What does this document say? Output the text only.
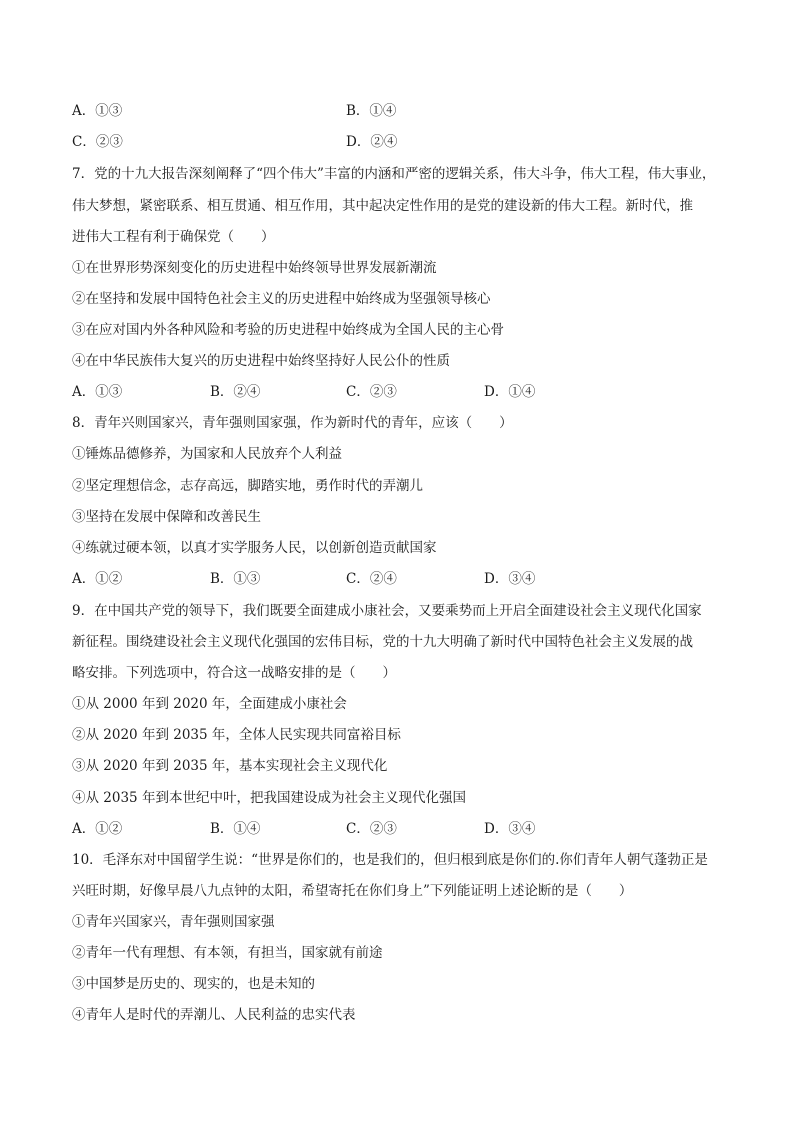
A．①③	B．①④
C．②③	D．②④
7．党的十九大报告深刻阐释了“四个伟大”丰富的内涵和严密的逻辑关系，伟大斗争，伟大工程，伟大事业，
伟大梦想，紧密联系、相互贯通、相互作用，其中起决定性作用的是党的建设新的伟大工程。新时代，推
进伟大工程有利于确保党（　　）
①在世界形势深刻变化的历史进程中始终领导世界发展新潮流
②在坚持和发展中国特色社会主义的历史进程中始终成为坚强领导核心
③在应对国内外各种风险和考验的历史进程中始终成为全国人民的主心骨
④在中华民族伟大复兴的历史进程中始终坚持好人民公仆的性质
A．①③	B．②④	C．②③	D．①④
8．青年兴则国家兴，青年强则国家强，作为新时代的青年，应该（　　）
①锤炼品德修养，为国家和人民放弃个人利益
②坚定理想信念，志存高远，脚踏实地，勇作时代的弄潮儿
③坚持在发展中保障和改善民生
④练就过硬本领，以真才实学服务人民，以创新创造贡献国家
A．①②	B．①③	C．②④	D．③④
9．在中国共产党的领导下，我们既要全面建成小康社会，又要乘势而上开启全面建设社会主义现代化国家
新征程。围绕建设社会主义现代化强国的宏伟目标，党的十九大明确了新时代中国特色社会主义发展的战
略安排。下列选项中，符合这一战略安排的是（　　）
①从 2000 年到 2020 年，全面建成小康社会
②从 2020 年到 2035 年，全体人民实现共同富裕目标
③从 2020 年到 2035 年，基本实现社会主义现代化
④从 2035 年到本世纪中叶，把我国建设成为社会主义现代化强国
A．①②	B．①④	C．②③	D．③④
10．毛泽东对中国留学生说：“世界是你们的，也是我们的，但归根到底是你们的.你们青年人朝气蓬勃正是
兴旺时期，好像早晨八九点钟的太阳，希望寄托在你们身上”下列能证明上述论断的是（　　）
①青年兴国家兴，青年强则国家强
②青年一代有理想、有本领，有担当，国家就有前途
③中国梦是历史的、现实的，也是未知的
④青年人是时代的弄潮儿、人民利益的忠实代表
